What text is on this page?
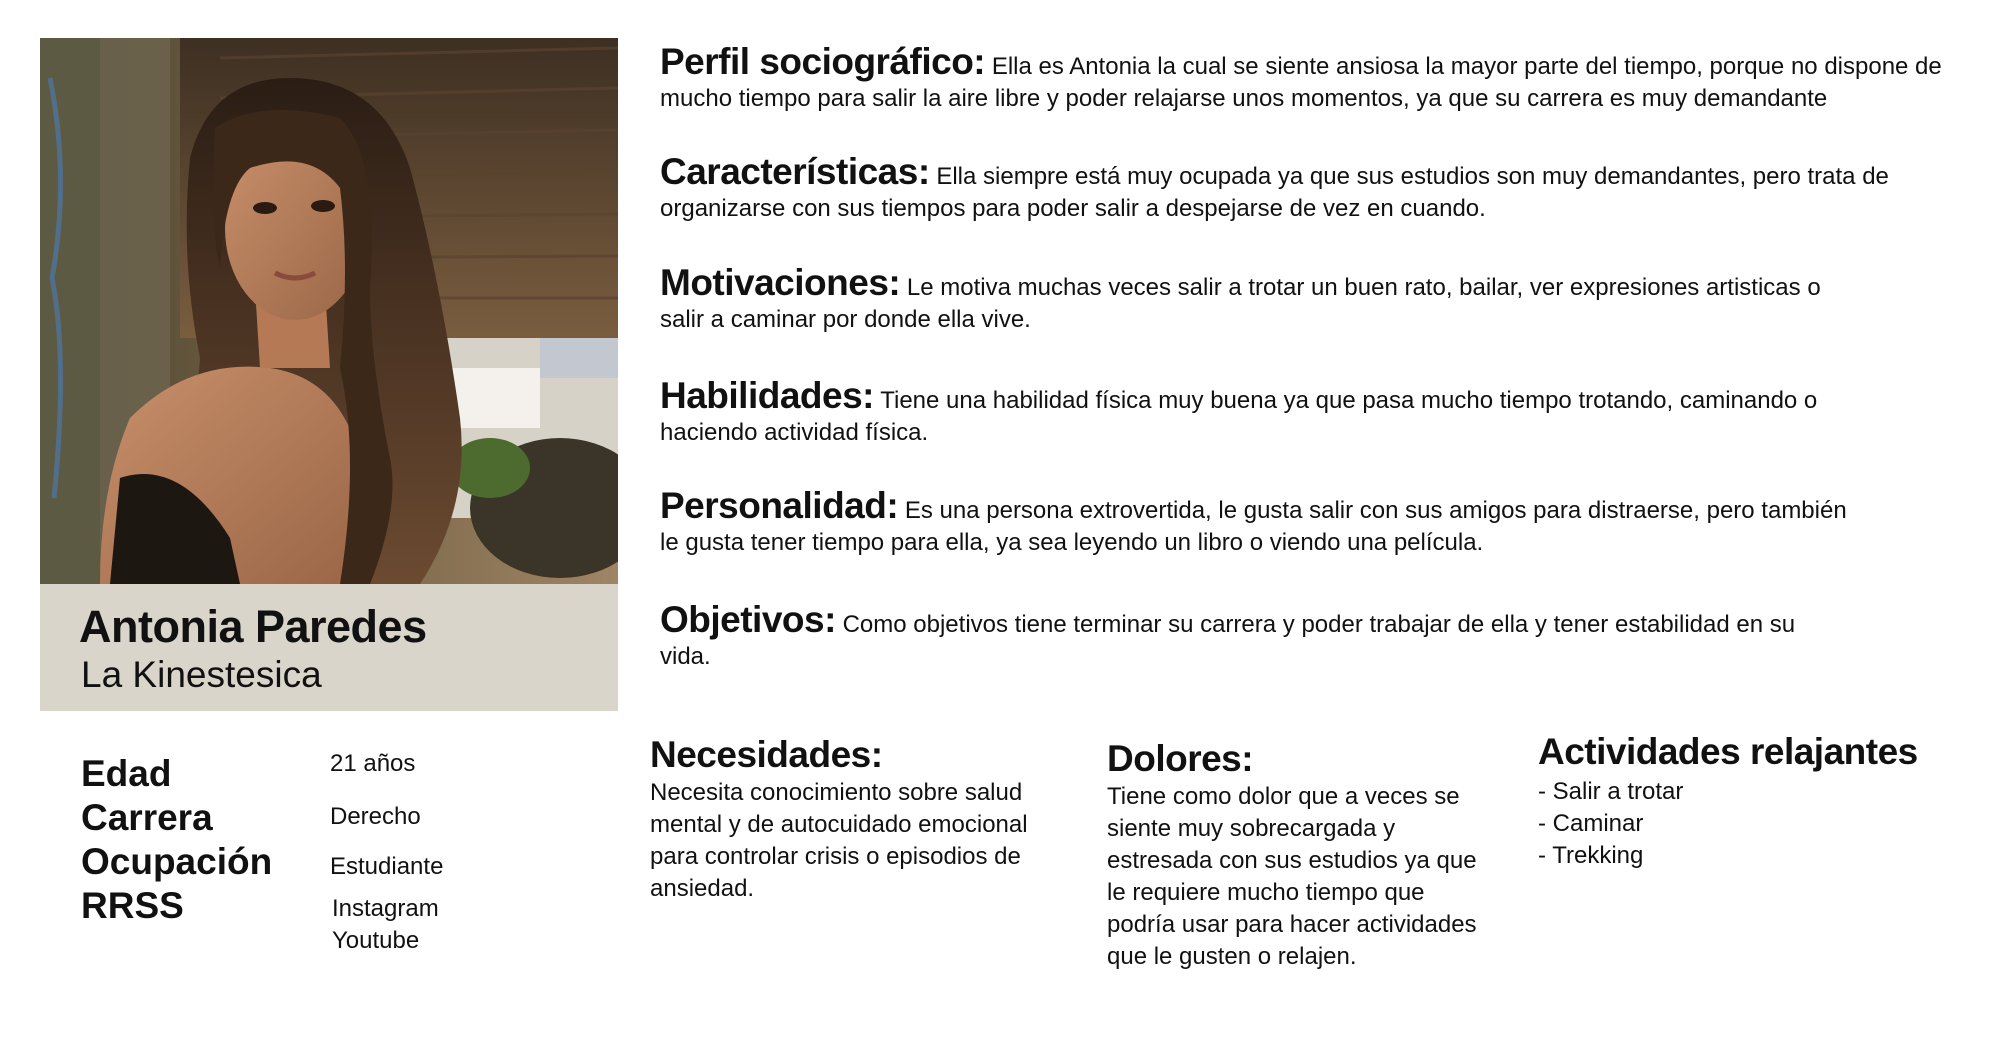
Antonia Paredes
La Kinestesica
Perfil sociográfico: Ella es Antonia la cual se siente ansiosa la mayor parte del tiempo, porque no dispone de mucho tiempo para salir la aire libre y poder relajarse unos momentos, ya que su carrera es muy demandante
Características: Ella siempre está muy ocupada ya que sus estudios son muy demandantes, pero trata de organizarse con sus tiempos para poder salir a despejarse de vez en cuando.
Motivaciones: Le motiva muchas veces salir a trotar un buen rato, bailar, ver expresiones artisticas o salir a caminar por donde ella vive.
Habilidades: Tiene una habilidad física muy buena ya que pasa mucho tiempo trotando, caminando o haciendo actividad física.
Personalidad: Es una persona extrovertida, le gusta salir con sus amigos para distraerse, pero también le gusta tener tiempo para ella, ya sea leyendo un libro o viendo una película.
Objetivos: Como objetivos tiene terminar su carrera y poder trabajar de ella y tener estabilidad en su vida.
Edad
Carrera
Ocupación
RRSS
21 años
Derecho
Estudiante
Instagram
Youtube
Necesidades:
Necesita conocimiento sobre salud
mental y de autocuidado emocional
para controlar crisis o episodios de
ansiedad.
Dolores:
Tiene como dolor que a veces se
siente muy sobrecargada y
estresada con sus estudios ya que
le requiere mucho tiempo que
podría usar para hacer actividades
que le gusten o relajen.
Actividades relajantes
- Salir a trotar
- Caminar
- Trekking
